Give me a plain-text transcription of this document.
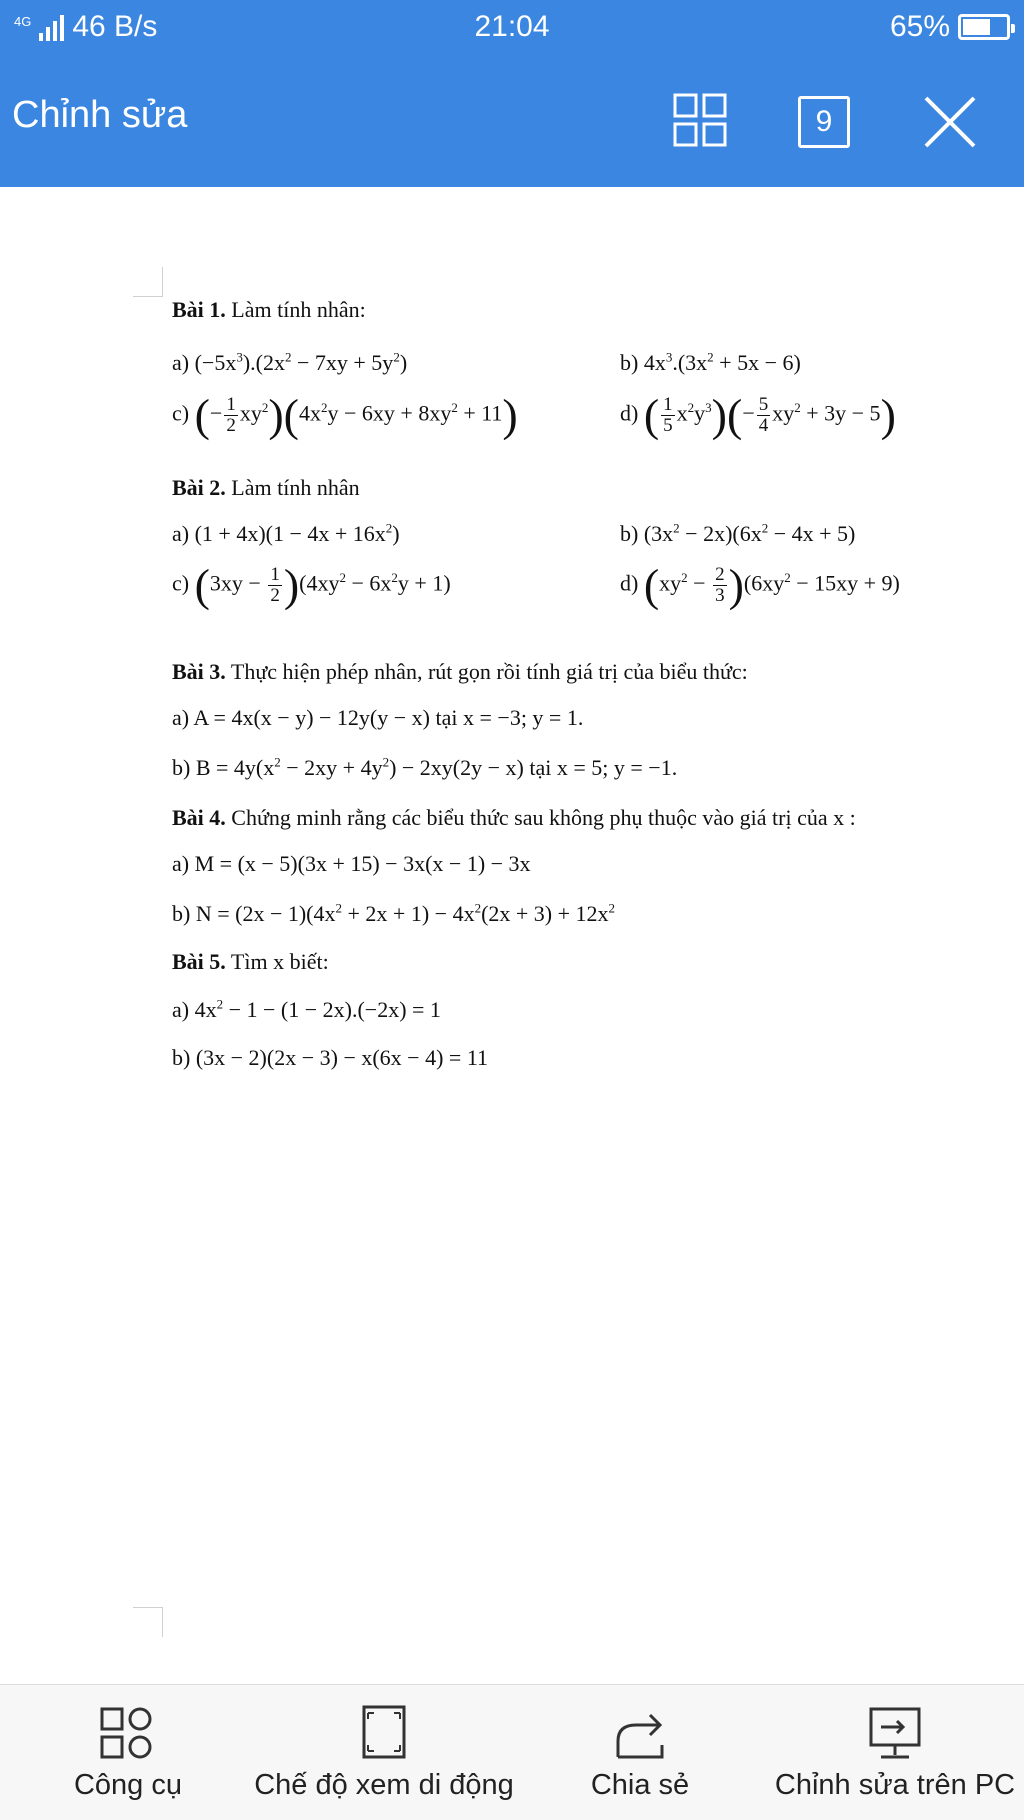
4G 46 B/s	21:04	65%
Chỉnh sửa	9
Bài 1. Làm tính nhân:
a) $(-5x^3).(2x^2 - 7xy + 5y^2)$	b) $4x^3.(3x^2 + 5x - 6)$
c) (− $\frac{1}{2} xy^2)(4x^2y - 6xy + 8xy^2 + 11)$	d) ( $\frac{1}{5} x^2y^3)(- \frac{5}{4} xy^2 + 3y - 5)$
Bài 2. Làm tính nhân
a) $(1 + 4x)(1 - 4x + 16x^2)$	b) $(3x^2 - 2x)(6x^2 - 4x + 5)$
c) $(3xy - \frac{1}{2} )(4xy^2 - 6x^2y + 1)$	d) $(xy^2 - \frac{2}{3} )(6xy^2 - 15xy + 9)$
Bài 3. Thực hiện phép nhân, rút gọn rồi tính giá trị của biểu thức:
a) A = 4x(x − y) − 12y(y − x) tại x = −3; y = 1.
b) $B = 4y(x^2 - 2xy + 4y^2) - 2xy(2y - x)$ tại x = 5; y = −1.
Bài 4. Chứng minh rằng các biểu thức sau không phụ thuộc vào giá trị của x :
a) M = (x − 5)(3x + 15) − 3x(x − 1) − 3x
b) $N = (2x - 1)(4x^2 + 2x + 1) - 4x^2(2x + 3) + 12x^2$
Bài 5. Tìm x biết:
a) $4x^2 - 1 - (1 - 2x).(-2x) = 1$
b) (3x − 2)(2x − 3) − x(6x − 4) = 11
Công cụ	Chế độ xem di động	Chia sẻ	Chỉnh sửa trên PC
